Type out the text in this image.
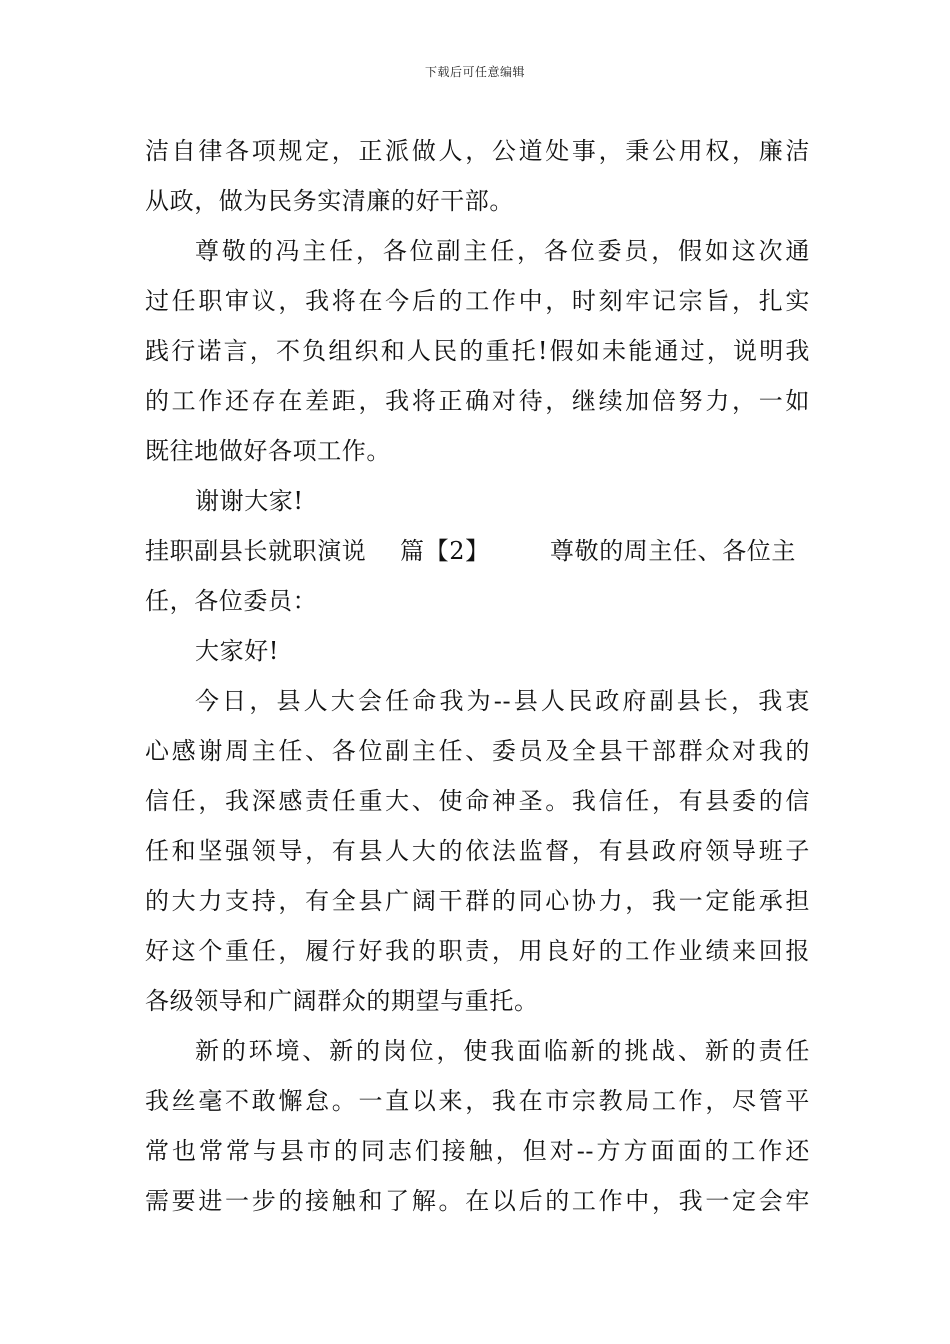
下载后可任意编辑
洁自律各项规定，正派做人，公道处事，秉公用权，廉洁
从政，做为民务实清廉的好干部。
尊敬的冯主任，各位副主任，各位委员，假如这次通
过任职审议，我将在今后的工作中，时刻牢记宗旨，扎实
践行诺言，不负组织和人民的重托!假如未能通过，说明我
的工作还存在差距，我将正确对待，继续加倍努力，一如
既往地做好各项工作。
谢谢大家!
挂职副县长就职演说 篇【2】	尊敬的周主任、各位主
任，各位委员：
大家好!
今日，县人大会任命我为--县人民政府副县长，我衷
心感谢周主任、各位副主任、委员及全县干部群众对我的
信任，我深感责任重大、使命神圣。我信任，有县委的信
任和坚强领导，有县人大的依法监督，有县政府领导班子
的大力支持，有全县广阔干群的同心协力，我一定能承担
好这个重任，履行好我的职责，用良好的工作业绩来回报
各级领导和广阔群众的期望与重托。
新的环境、新的岗位，使我面临新的挑战、新的责任
我丝毫不敢懈怠。一直以来，我在市宗教局工作，尽管平
常也常常与县市的同志们接触，但对--方方面面的工作还
需要进一步的接触和了解。在以后的工作中，我一定会牢
